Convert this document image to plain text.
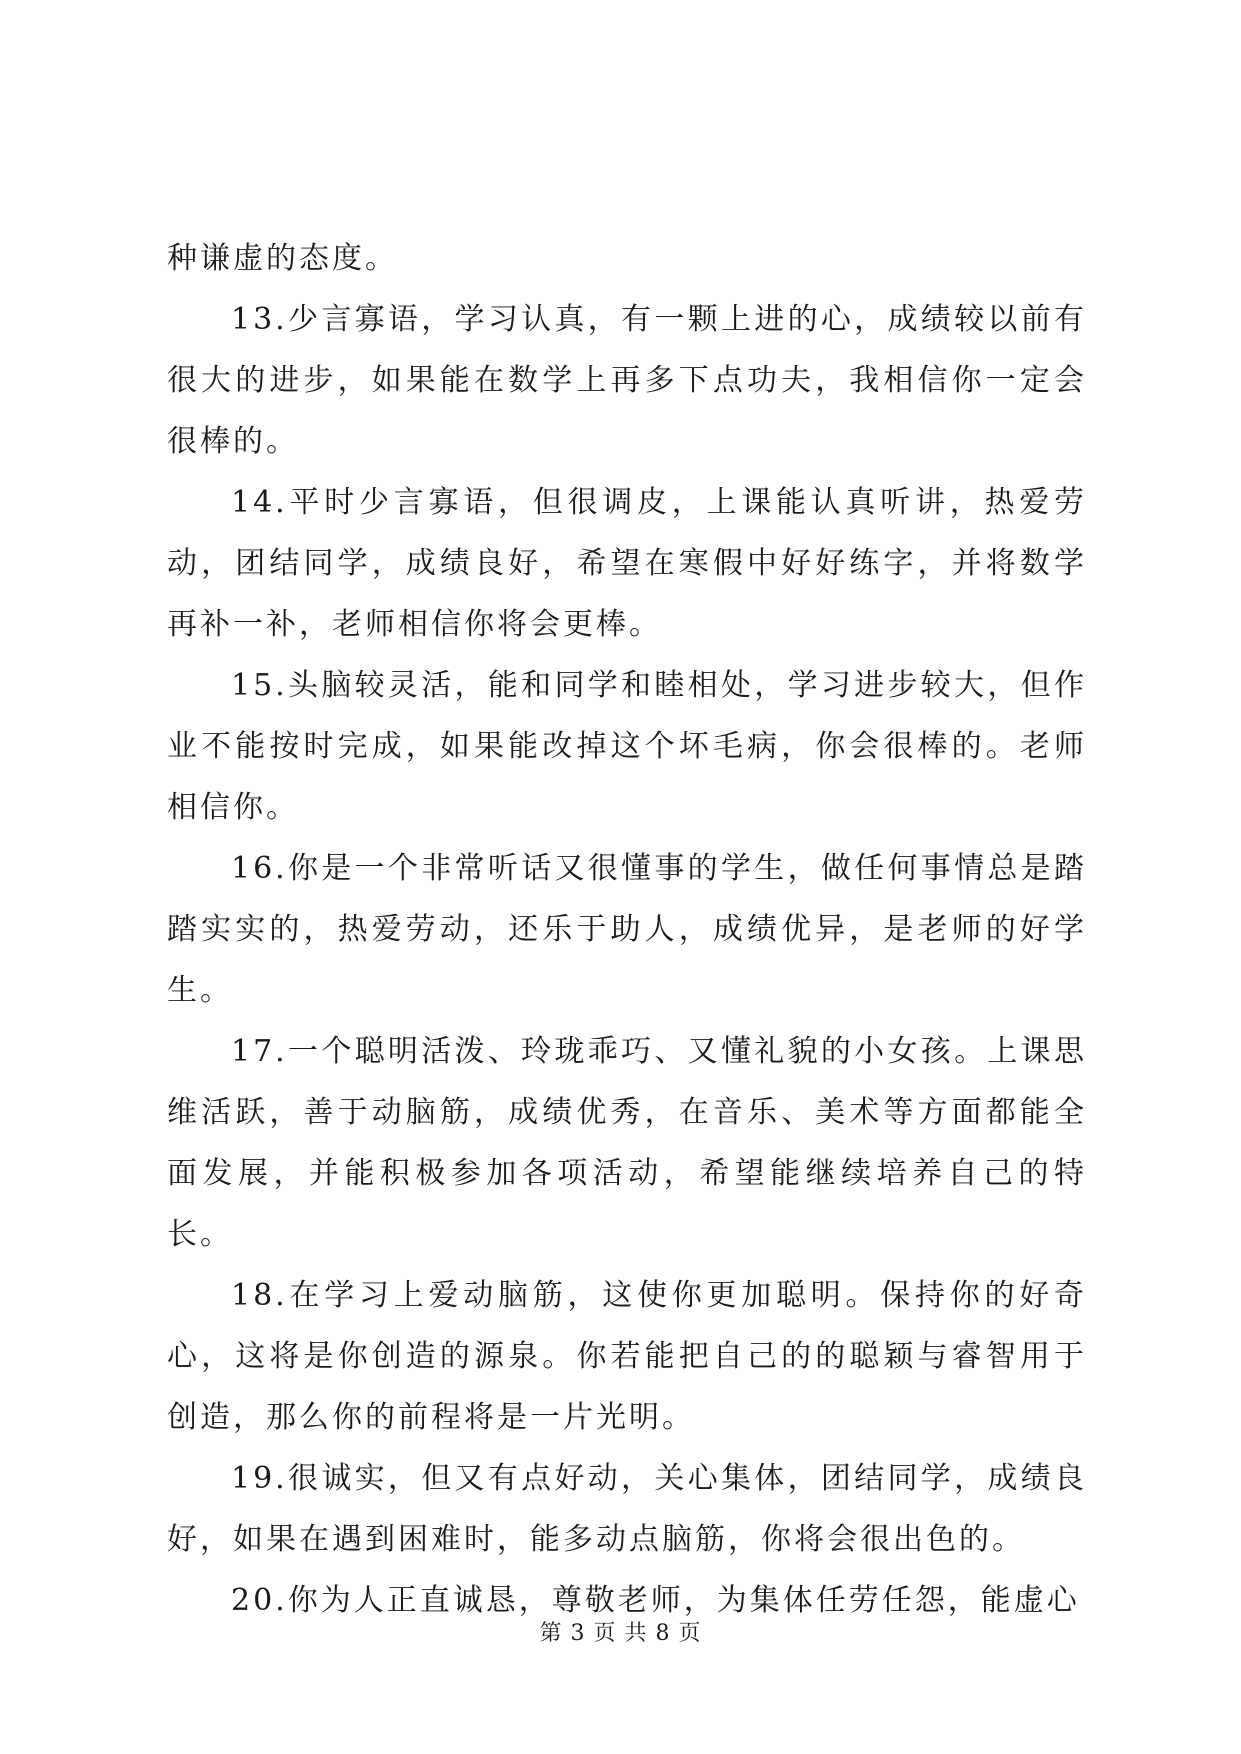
种谦虚的态度。

13.少言寡语，学习认真，有一颗上进的心，成绩较以前有很大的进步，如果能在数学上再多下点功夫，我相信你一定会很棒的。

14.平时少言寡语，但很调皮，上课能认真听讲，热爱劳动，团结同学，成绩良好，希望在寒假中好好练字，并将数学再补一补，老师相信你将会更棒。

15.头脑较灵活，能和同学和睦相处，学习进步较大，但作业不能按时完成，如果能改掉这个坏毛病，你会很棒的。老师相信你。

16.你是一个非常听话又很懂事的学生，做任何事情总是踏踏实实的，热爱劳动，还乐于助人，成绩优异，是老师的好学生。

17.一个聪明活泼、玲珑乖巧、又懂礼貌的小女孩。上课思维活跃，善于动脑筋，成绩优秀，在音乐、美术等方面都能全面发展，并能积极参加各项活动，希望能继续培养自己的特长。

18.在学习上爱动脑筋，这使你更加聪明。保持你的好奇心，这将是你创造的源泉。你若能把自己的的聪颖与睿智用于创造，那么你的前程将是一片光明。

19.很诚实，但又有点好动，关心集体，团结同学，成绩良好，如果在遇到困难时，能多动点脑筋，你将会很出色的。

20.你为人正直诚恳，尊敬老师，为集体任劳任怨，能虚心

第 3 页 共 8 页
